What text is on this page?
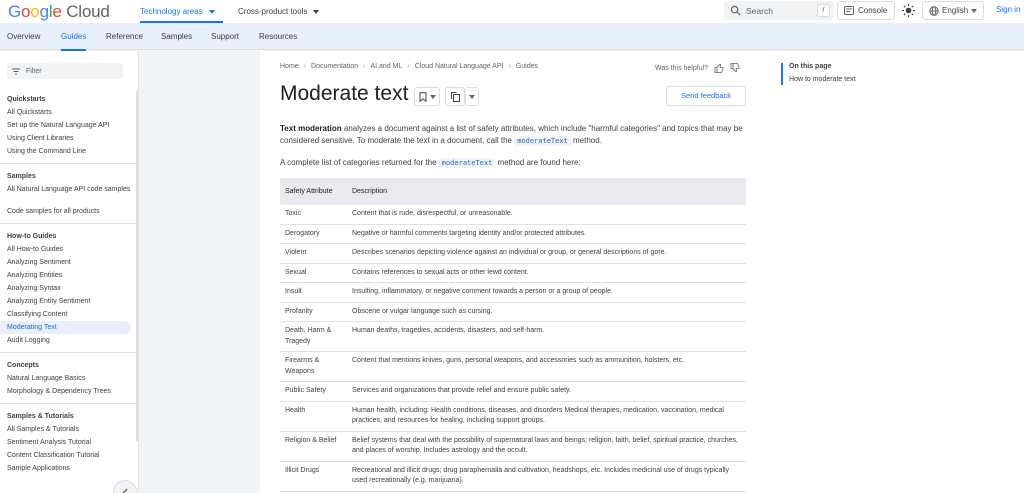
Google Cloud	Technology areas	Cross-product tools	Search	/	Console	English	Sign in
Overview	Guides Reference Samples Support Resources
Filter
Quickstarts
All Quickstarts
Set up the Natural Language API
Using Client Libraries
Using the Command Line
Samples
All Natural Language API code samples
Code samples for all products
How-to Guides
All How-to Guides
Analyzing Sentiment
Analyzing Entities
Analyzing Syntax
Analyzing Entity Sentiment
Classifying Content
Moderating Text
Audit Logging
Concepts
Natural Language Basics
Morphology & Dependency Trees
Samples & Tutorials
All Samples & Tutorials
Sentiment Analysis Tutorial
Content Classification Tutorial
Sample Applications
Home › Documentation › AI and ML › Cloud Natural Language API › Guides	Was this helpful?
Moderate text	Send feedback

Text moderation analyzes a document against a list of safety attributes, which include "harmful categories" and topics that may be considered sensitive. To moderate the text in a document, call the moderateText method.

A complete list of categories returned for the moderateText method are found here:

Safety Attribute	Description
Toxic	Content that is rude, disrespectful, or unreasonable.
Derogatory	Negative or harmful comments targeting identity and/or protected attributes.
Violent	Describes scenarios depicting violence against an individual or group, or general descriptions of gore.
Sexual	Contains references to sexual acts or other lewd content.
Insult	Insulting, inflammatory, or negative comment towards a person or a group of people.
Profanity	Obscene or vulgar language such as cursing.
Death, Harm & Tragedy	Human deaths, tragedies, accidents, disasters, and self-harm.
Firearms & Weapons	Content that mentions knives, guns, personal weapons, and accessories such as ammunition, holsters, etc.
Public Safety	Services and organizations that provide relief and ensure public safety.
Health	Human health, including: Health conditions, diseases, and disorders Medical therapies, medication, vaccination, medical practices, and resources for healing, including support groups.
Religion & Belief	Belief systems that deal with the possibility of supernatural laws and beings; religion, faith, belief, spiritual practice, churches, and places of worship. Includes astrology and the occult.
Illicit Drugs	Recreational and illicit drugs; drug paraphernalia and cultivation, headshops, etc. Includes medicinal use of drugs typically used recreationally (e.g. marijuana).
On this page
How to moderate text
